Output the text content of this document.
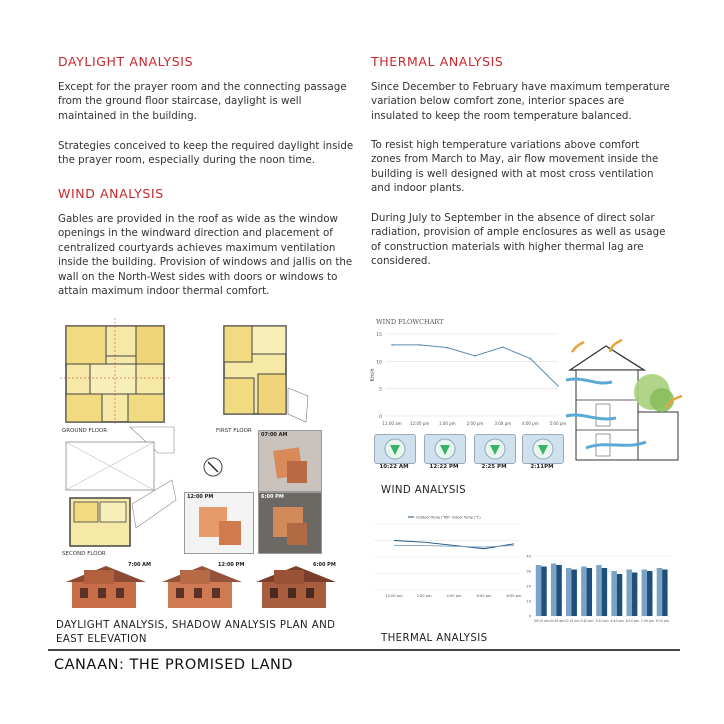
DAYLIGHT ANALYSIS
Except for the prayer room and the connecting passage from the ground floor staircase, daylight is well maintained in the building.
Strategies conceived to keep the required daylight inside the prayer room, especially during the noon time.
WIND ANALYSIS
Gables are provided in the roof as wide as the window openings in the windward direction and placement of centralized courtyards achieves maximum ventilation inside the building. Provision of windows and jallis on the wall on the North-West sides with doors or windows to attain maximum indoor thermal comfort.
THERMAL ANALYSIS
Since December to February have maximum temperature variation below comfort zone, interior spaces are insulated to keep the room temperature balanced.
To resist high temperature variations above comfort zones from March to May, air flow movement inside the building is well designed with at most cross ventilation and indoor plants.
During July to September in the absence of direct solar radiation, provision of ample enclosures as well as usage of construction materials with higher thermal lag are considered.
GROUND FLOOR	FIRST FLOOR
SECOND FLOOR
07:00 AM
12:00 PM	6:00 PM
7:00 AM	12:00 PM	6:00 PM
WIND FLOWCHART
0
5
10
15
Km/h
11:00 am 12:00 pm 1:00 pm	2:00 pm	3:00 pm	4:00 pm	5:00 pm
10:22 AM	12:22 PM	2:25 PM	2:11PM
WIND ANALYSIS
Outdoor Temp (°C) Indoor Temp (°C)
12:00 pm	2:00 pm	4:00 pm	6:00 pm	8:00 pm
0
10
20
30
40
09:10 am 10:40 am 12:10 pm 1:40 pm 3:10 pm 4:40 pm 6:10 pm 7:40 pm 9:10 pm
THERMAL ANALYSIS
DAYLIGHT ANALYSIS, SHADOW ANALYSIS PLAN AND
EAST ELEVATION
CANAAN: THE PROMISED LAND
